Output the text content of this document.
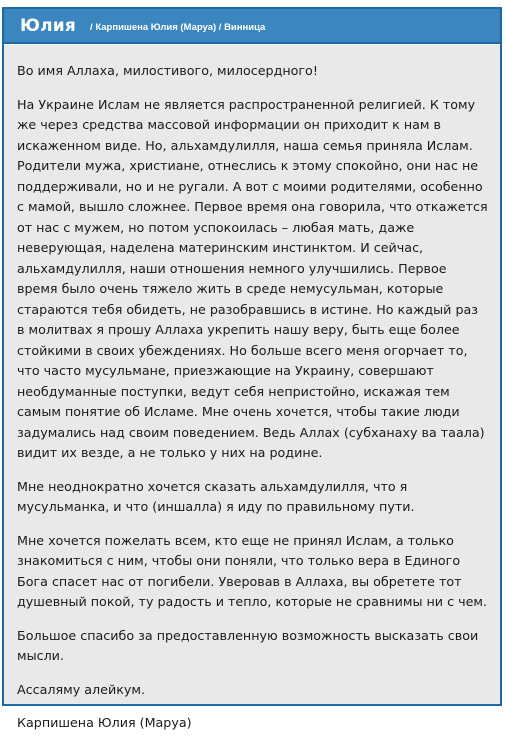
Юлия / Карпишена Юлия (Маруа) / Винница

Во имя Аллаха, милостивого, милосердного!

На Украине Ислам не является распространенной религией. К тому же через средства массовой информации он приходит к нам в искаженном виде. Но, альхамдулилля, наша семья приняла Ислам. Родители мужа, христиане, отнеслись к этому спокойно, они нас не поддерживали, но и не ругали. А вот с моими родителями, особенно с мамой, вышло сложнее. Первое время она говорила, что откажется от нас с мужем, но потом успокоилась – любая мать, даже неверующая, наделена материнским инстинктом. И сейчас, альхамдулилля, наши отношения немного улучшились. Первое время было очень тяжело жить в среде немусульман, которые стараются тебя обидеть, не разобравшись в истине. Но каждый раз в молитвах я прошу Аллаха укрепить нашу веру, быть еще более стойкими в своих убеждениях. Но больше всего меня огорчает то, что часто мусульмане, приезжающие на Украину, совершают необдуманные поступки, ведут себя непристойно, искажая тем самым понятие об Исламе. Мне очень хочется, чтобы такие люди задумались над своим поведением. Ведь Аллах (субханаху ва таала) видит их везде, а не только у них на родине.

Мне неоднократно хочется сказать альхамдулилля, что я мусульманка, и что (иншалла) я иду по правильному пути.

Мне хочется пожелать всем, кто еще не принял Ислам, а только знакомиться с ним, чтобы они поняли, что только вера в Единого Бога спасет нас от погибели. Уверовав в Аллаха, вы обретете тот душевный покой, ту радость и тепло, которые не сравнимы ни с чем.

Большое спасибо за предоставленную возможность высказать свои мысли.

Ассаляму алейкум.

Карпишена Юлия (Маруа)
